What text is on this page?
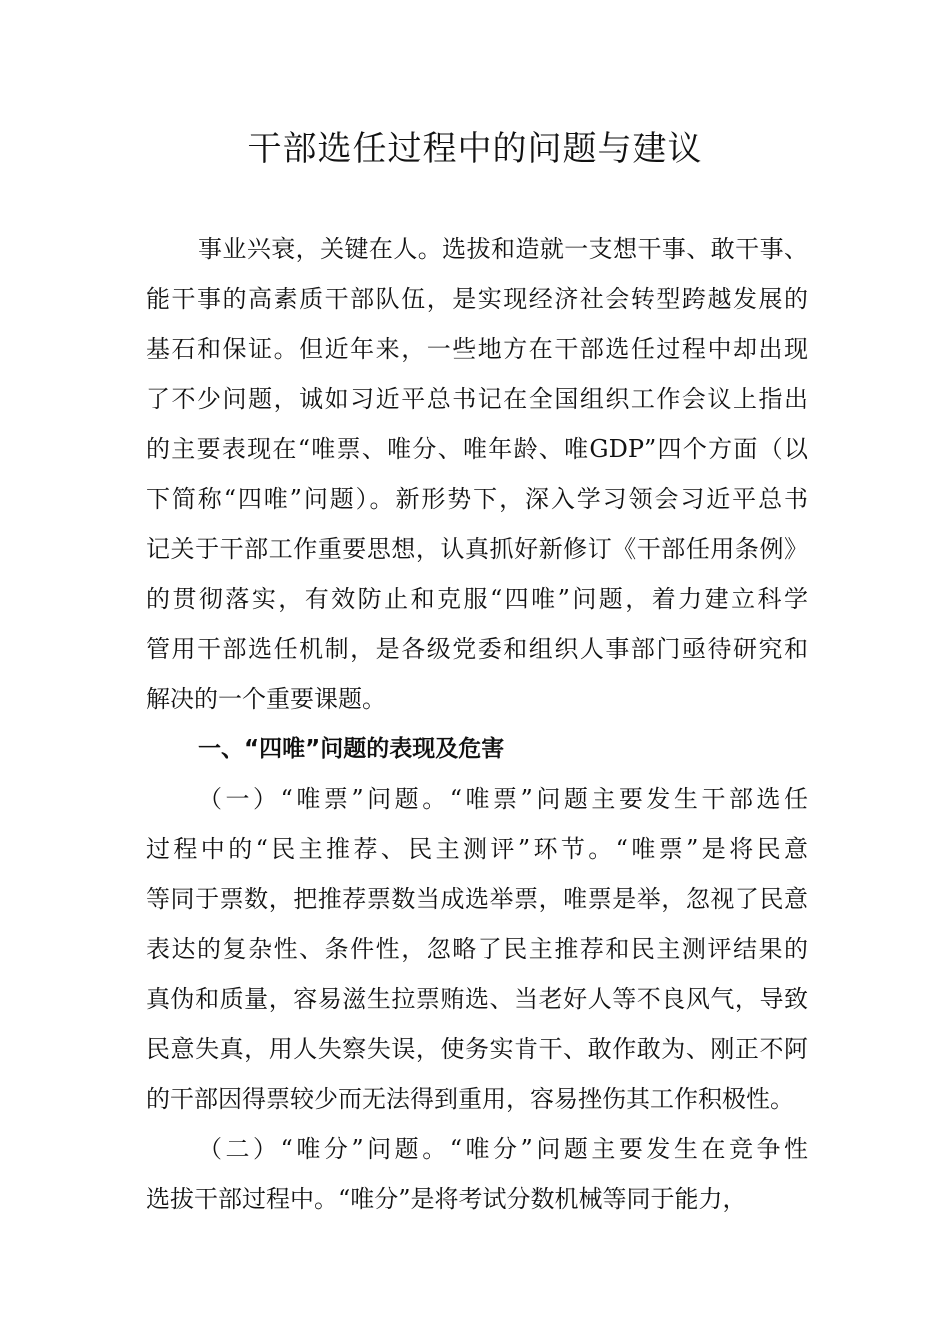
干部选任过程中的问题与建议
事业兴衰，关键在人。选拔和造就一支想干事、敢干事、
能干事的高素质干部队伍，是实现经济社会转型跨越发展的
基石和保证。但近年来，一些地方在干部选任过程中却出现
了不少问题，诚如习近平总书记在全国组织工作会议上指出
的主要表现在“唯票、唯分、唯年龄、唯GDP”四个方面（以
下简称“四唯”问题）。新形势下，深入学习领会习近平总书
记关于干部工作重要思想，认真抓好新修订《干部任用条例》
的贯彻落实，有效防止和克服“四唯”问题，着力建立科学
管用干部选任机制，是各级党委和组织人事部门亟待研究和
解决的一个重要课题。
一、“四唯”问题的表现及危害
（一）“唯票”问题。“唯票”问题主要发生干部选任
过程中的“民主推荐、民主测评”环节。“唯票”是将民意
等同于票数，把推荐票数当成选举票，唯票是举，忽视了民意
表达的复杂性、条件性，忽略了民主推荐和民主测评结果的
真伪和质量，容易滋生拉票贿选、当老好人等不良风气，导致
民意失真，用人失察失误，使务实肯干、敢作敢为、刚正不阿
的干部因得票较少而无法得到重用，容易挫伤其工作积极性。
（二）“唯分”问题。“唯分”问题主要发生在竞争性
选拔干部过程中。“唯分”是将考试分数机械等同于能力，
